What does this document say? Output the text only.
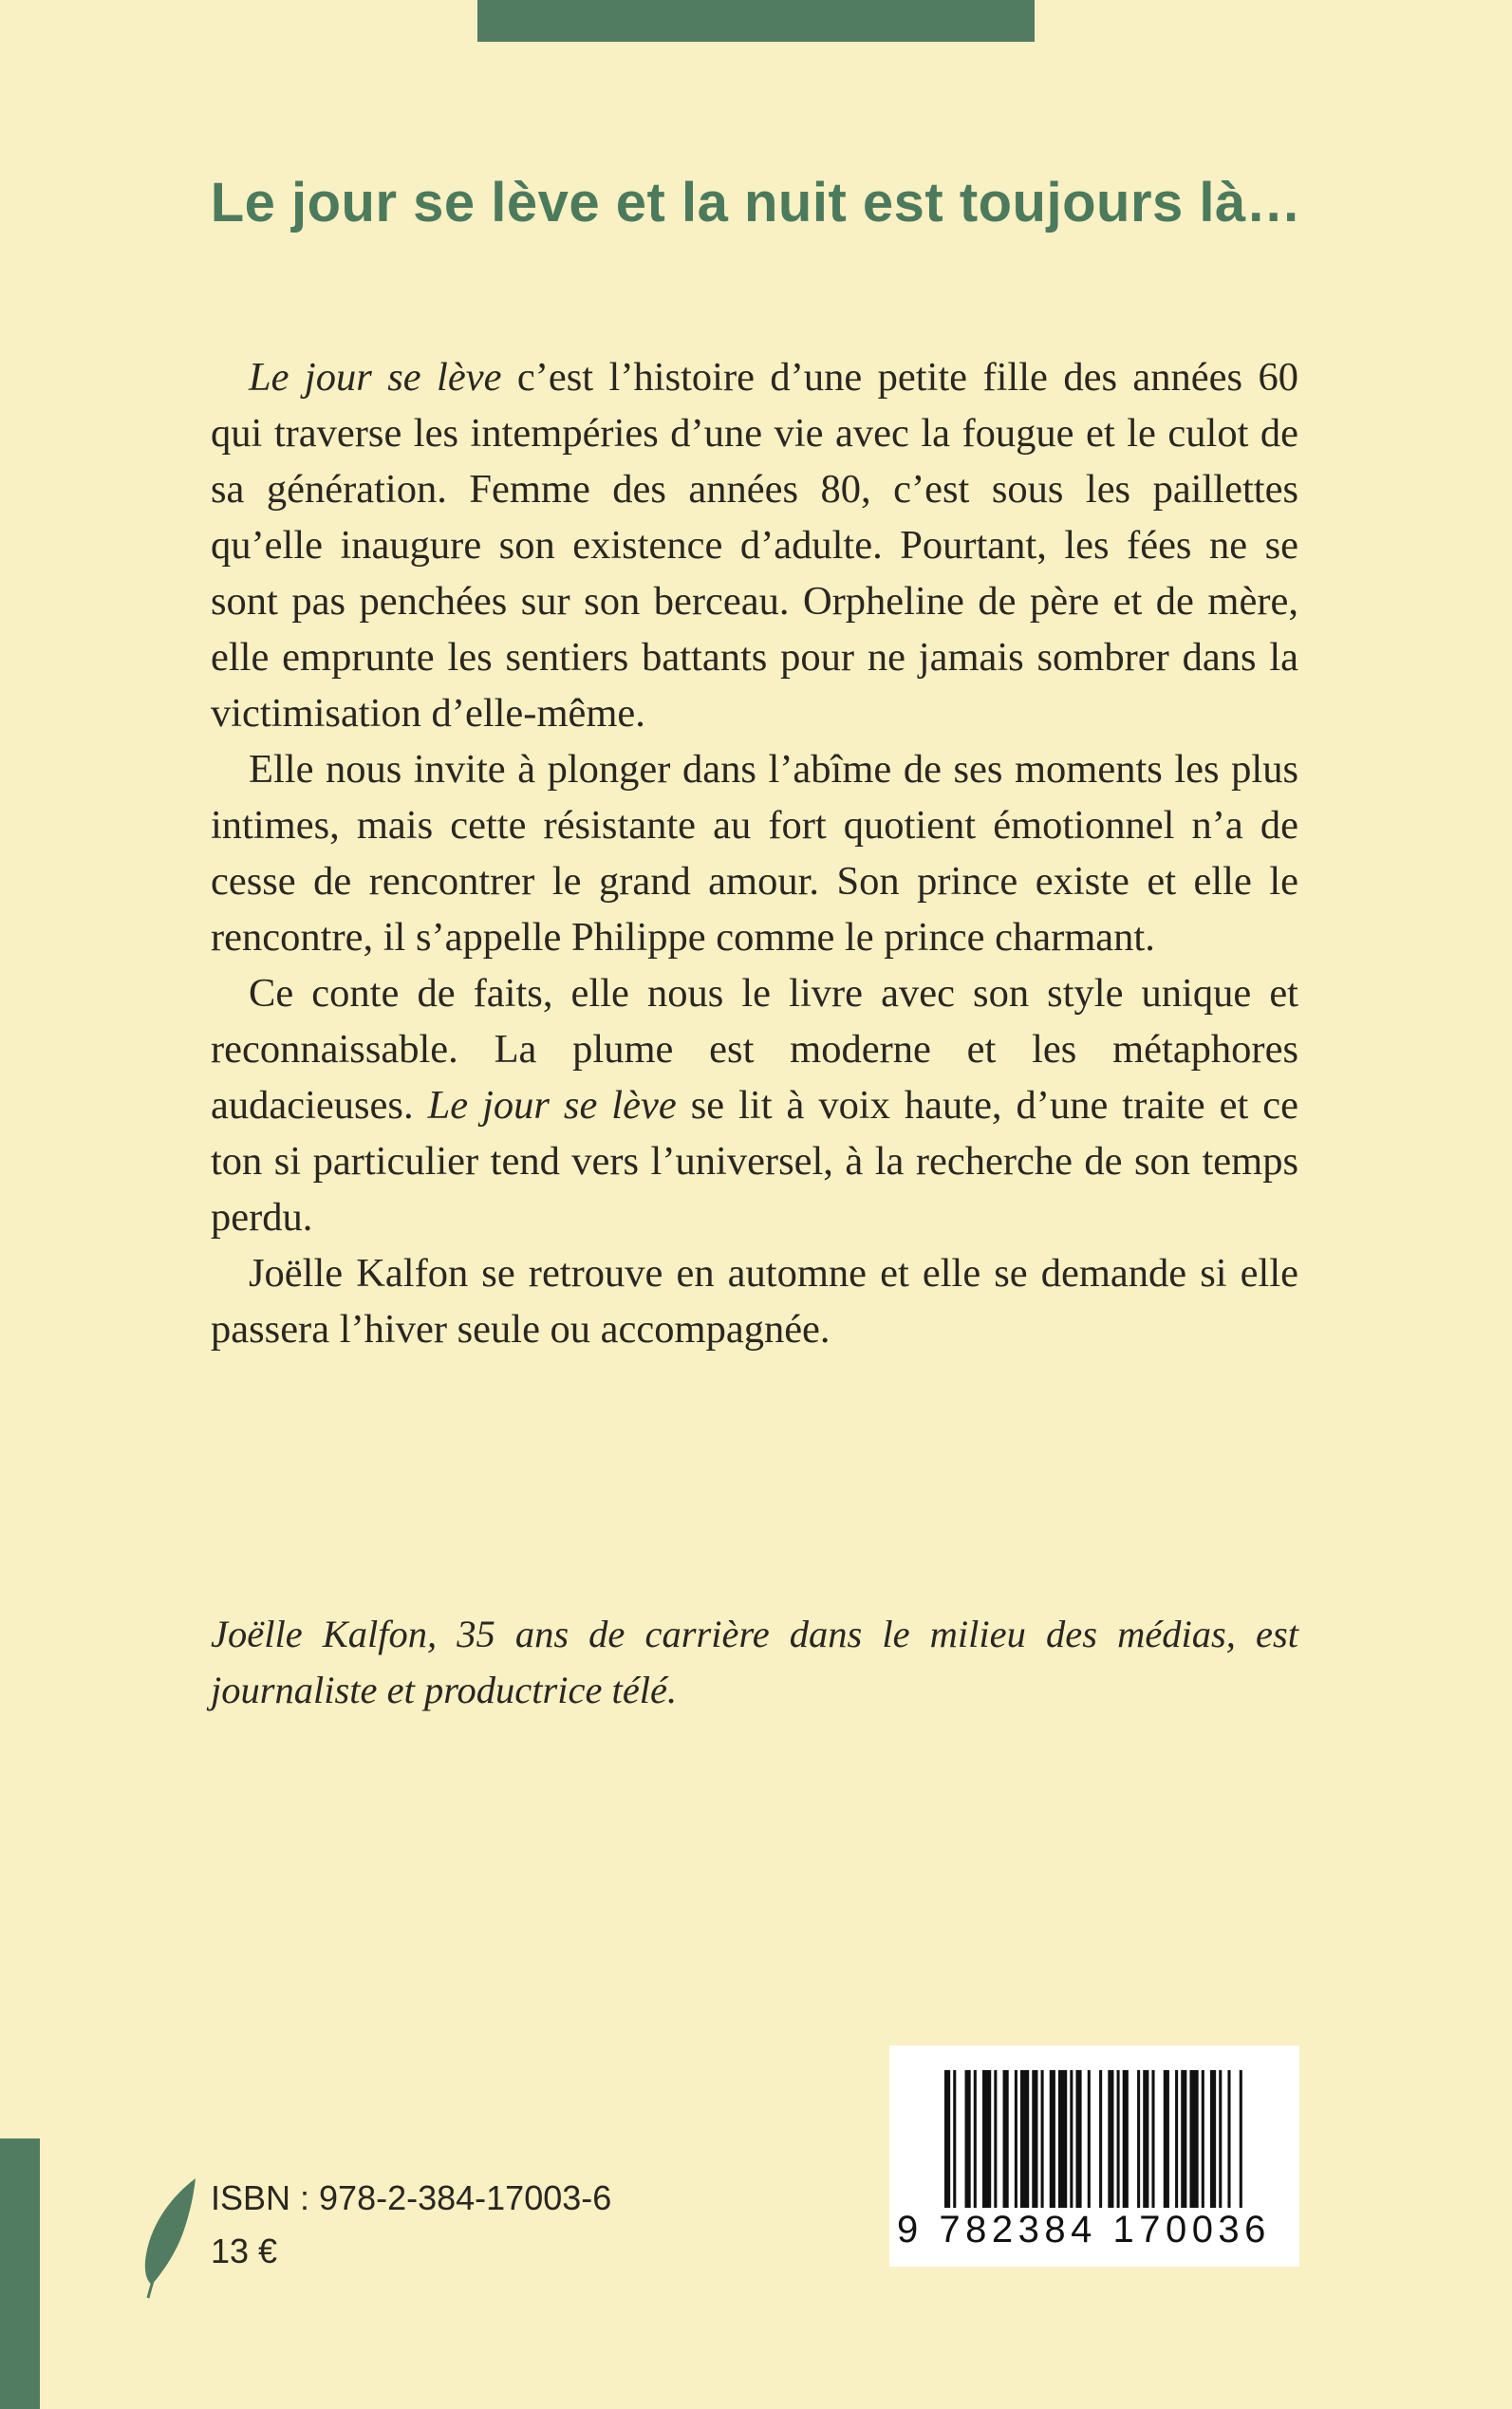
Le jour se lève et la nuit est toujours là…

Le jour se lève c’est l’histoire d’une petite fille des années 60 qui traverse les intempéries d’une vie avec la fougue et le culot de sa génération. Femme des années 80, c’est sous les paillettes qu’elle inaugure son existence d’adulte. Pourtant, les fées ne se sont pas penchées sur son berceau. Orpheline de père et de mère, elle emprunte les sentiers battants pour ne jamais sombrer dans la victimisation d’elle-même.

Elle nous invite à plonger dans l’abîme de ses moments les plus intimes, mais cette résistante au fort quotient émotionnel n’a de cesse de rencontrer le grand amour. Son prince existe et elle le rencontre, il s’appelle Philippe comme le prince charmant.

Ce conte de faits, elle nous le livre avec son style unique et reconnaissable. La plume est moderne et les métaphores audacieuses. Le jour se lève se lit à voix haute, d’une traite et ce ton si particulier tend vers l’universel, à la recherche de son temps perdu.

Joëlle Kalfon se retrouve en automne et elle se demande si elle passera l’hiver seule ou accompagnée.

Joëlle Kalfon, 35 ans de carrière dans le milieu des médias, est journaliste et productrice télé.
ISBN : 978-2-384-17003-6
13 €
9 782384 170036
